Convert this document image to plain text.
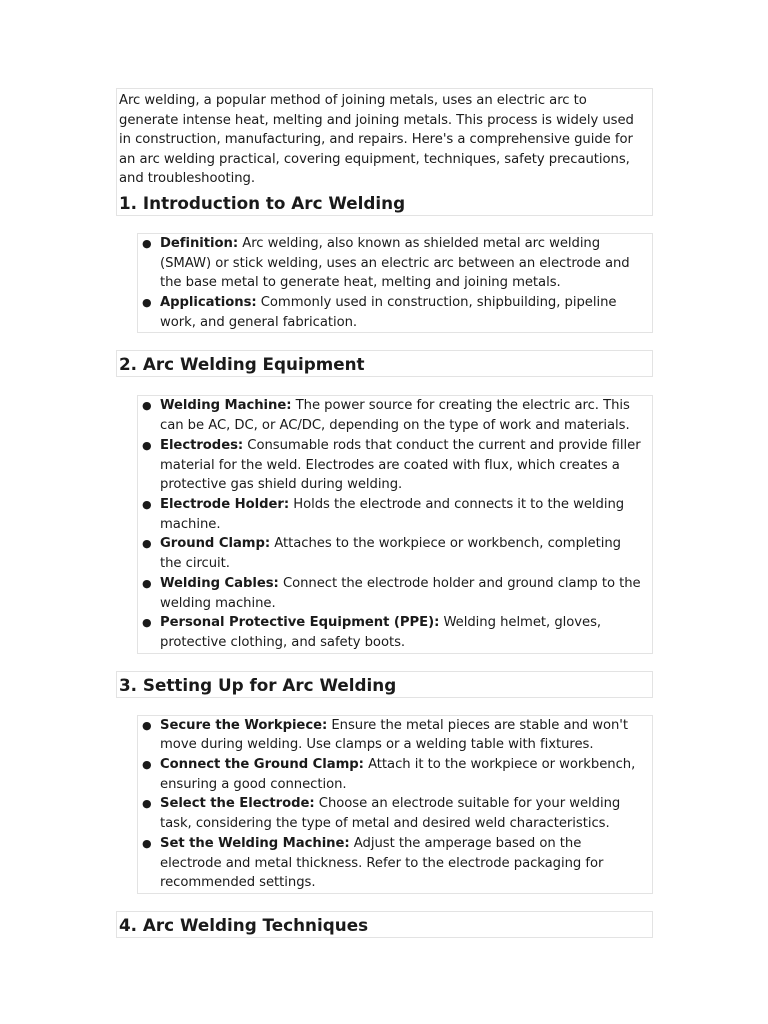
Arc welding, a popular method of joining metals, uses an electric arc to generate intense heat, melting and joining metals. This process is widely used in construction, manufacturing, and repairs. Here's a comprehensive guide for an arc welding practical, covering equipment, techniques, safety precautions, and troubleshooting.

1. Introduction to Arc Welding
● Definition: Arc welding, also known as shielded metal arc welding (SMAW) or stick welding, uses an electric arc between an electrode and the base metal to generate heat, melting and joining metals.
● Applications: Commonly used in construction, shipbuilding, pipeline work, and general fabrication.
2. Arc Welding Equipment
● Welding Machine: The power source for creating the electric arc. This can be AC, DC, or AC/DC, depending on the type of work and materials.
● Electrodes: Consumable rods that conduct the current and provide filler material for the weld. Electrodes are coated with flux, which creates a protective gas shield during welding.
● Electrode Holder: Holds the electrode and connects it to the welding machine.
● Ground Clamp: Attaches to the workpiece or workbench, completing the circuit.
● Welding Cables: Connect the electrode holder and ground clamp to the welding machine.
● Personal Protective Equipment (PPE): Welding helmet, gloves, protective clothing, and safety boots.
3. Setting Up for Arc Welding
● Secure the Workpiece: Ensure the metal pieces are stable and won't move during welding. Use clamps or a welding table with fixtures.
● Connect the Ground Clamp: Attach it to the workpiece or workbench, ensuring a good connection.
● Select the Electrode: Choose an electrode suitable for your welding task, considering the type of metal and desired weld characteristics.
● Set the Welding Machine: Adjust the amperage based on the electrode and metal thickness. Refer to the electrode packaging for recommended settings.
4. Arc Welding Techniques
